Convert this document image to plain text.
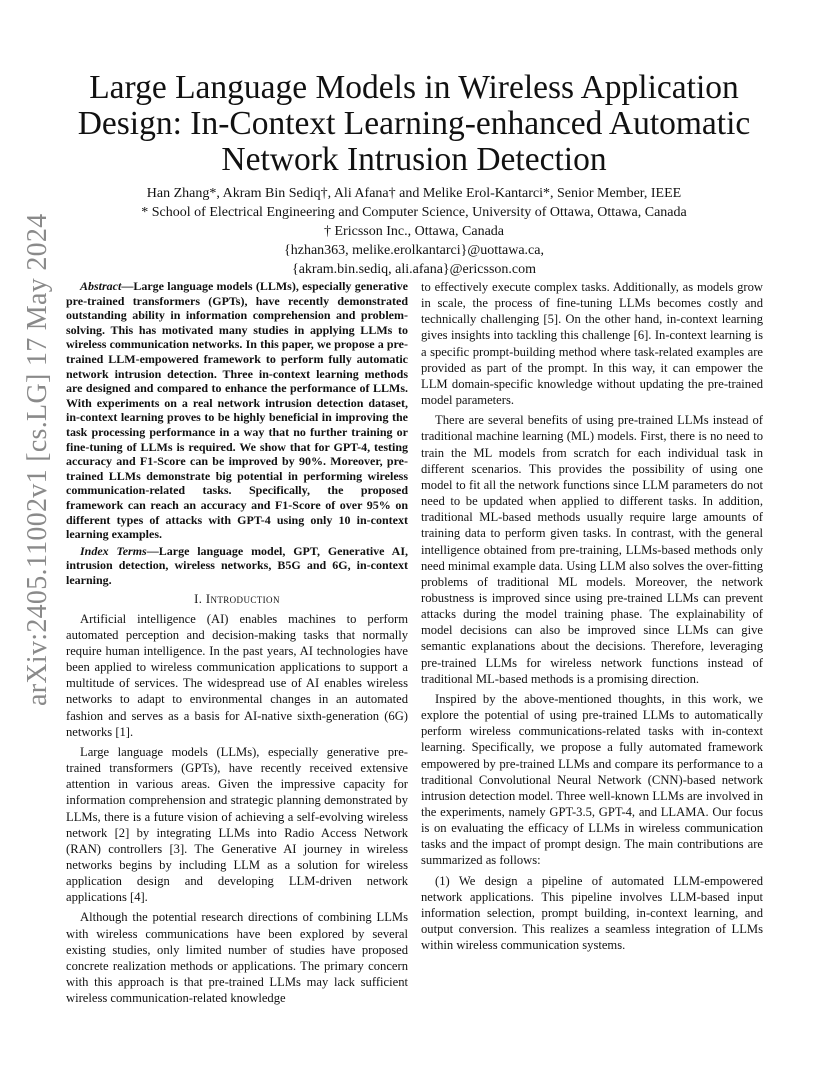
arXiv:2405.11002v1 [cs.LG] 17 May 2024
Large Language Models in Wireless Application
Design: In-Context Learning-enhanced Automatic
Network Intrusion Detection
Han Zhang*, Akram Bin Sediq†, Ali Afana† and Melike Erol-Kantarci*, Senior Member, IEEE
* School of Electrical Engineering and Computer Science, University of Ottawa, Ottawa, Canada
† Ericsson Inc., Ottawa, Canada
{hzhan363, melike.erolkantarci}@uottawa.ca,
{akram.bin.sediq, ali.afana}@ericsson.com

Abstract—Large language models (LLMs), especially generative pre-trained transformers (GPTs), have recently demonstrated outstanding ability in information comprehension and problem-solving. This has motivated many studies in applying LLMs to wireless communication networks. In this paper, we propose a pre-trained LLM-empowered framework to perform fully automatic network intrusion detection. Three in-context learning methods are designed and compared to enhance the performance of LLMs. With experiments on a real network intrusion detection dataset, in-context learning proves to be highly beneficial in improving the task processing performance in a way that no further training or fine-tuning of LLMs is required. We show that for GPT-4, testing accuracy and F1-Score can be improved by 90%. Moreover, pre-trained LLMs demonstrate big potential in performing wireless communication-related tasks. Specifically, the proposed framework can reach an accuracy and F1-Score of over 95% on different types of attacks with GPT-4 using only 10 in-context learning examples.

Index Terms—Large language model, GPT, Generative AI, intrusion detection, wireless networks, B5G and 6G, in-context learning.

I. Introduction

Artificial intelligence (AI) enables machines to perform automated perception and decision-making tasks that normally require human intelligence. In the past years, AI technologies have been applied to wireless communication applications to support a multitude of services. The widespread use of AI enables wireless networks to adapt to environmental changes in an automated fashion and serves as a basis for AI-native sixth-generation (6G) networks [1].

Large language models (LLMs), especially generative pre-trained transformers (GPTs), have recently received extensive attention in various areas. Given the impressive capacity for information comprehension and strategic planning demonstrated by LLMs, there is a future vision of achieving a self-evolving wireless network [2] by integrating LLMs into Radio Access Network (RAN) controllers [3]. The Generative AI journey in wireless networks begins by including LLM as a solution for wireless application design and developing LLM-driven network applications [4].

Although the potential research directions of combining LLMs with wireless communications have been explored by several existing studies, only limited number of studies have proposed concrete realization methods or applications. The primary concern with this approach is that pre-trained LLMs may lack sufficient wireless communication-related knowledge

to effectively execute complex tasks. Additionally, as models grow in scale, the process of fine-tuning LLMs becomes costly and technically challenging [5]. On the other hand, in-context learning gives insights into tackling this challenge [6]. In-context learning is a specific prompt-building method where task-related examples are provided as part of the prompt. In this way, it can empower the LLM domain-specific knowledge without updating the pre-trained model parameters.

There are several benefits of using pre-trained LLMs instead of traditional machine learning (ML) models. First, there is no need to train the ML models from scratch for each individual task in different scenarios. This provides the possibility of using one model to fit all the network functions since LLM parameters do not need to be updated when applied to different tasks. In addition, traditional ML-based methods usually require large amounts of training data to perform given tasks. In contrast, with the general intelligence obtained from pre-training, LLMs-based methods only need minimal example data. Using LLM also solves the over-fitting problems of traditional ML models. Moreover, the network robustness is improved since using pre-trained LLMs can prevent attacks during the model training phase. The explainability of model decisions can also be improved since LLMs can give semantic explanations about the decisions. Therefore, leveraging pre-trained LLMs for wireless network functions instead of traditional ML-based methods is a promising direction.

Inspired by the above-mentioned thoughts, in this work, we explore the potential of using pre-trained LLMs to automatically perform wireless communications-related tasks with in-context learning. Specifically, we propose a fully automated framework empowered by pre-trained LLMs and compare its performance to a traditional Convolutional Neural Network (CNN)-based network intrusion detection model. Three well-known LLMs are involved in the experiments, namely GPT-3.5, GPT-4, and LLAMA. Our focus is on evaluating the efficacy of LLMs in wireless communication tasks and the impact of prompt design. The main contributions are summarized as follows:

(1) We design a pipeline of automated LLM-empowered network applications. This pipeline involves LLM-based input information selection, prompt building, in-context learning, and output conversion. This realizes a seamless integration of LLMs within wireless communication systems.
